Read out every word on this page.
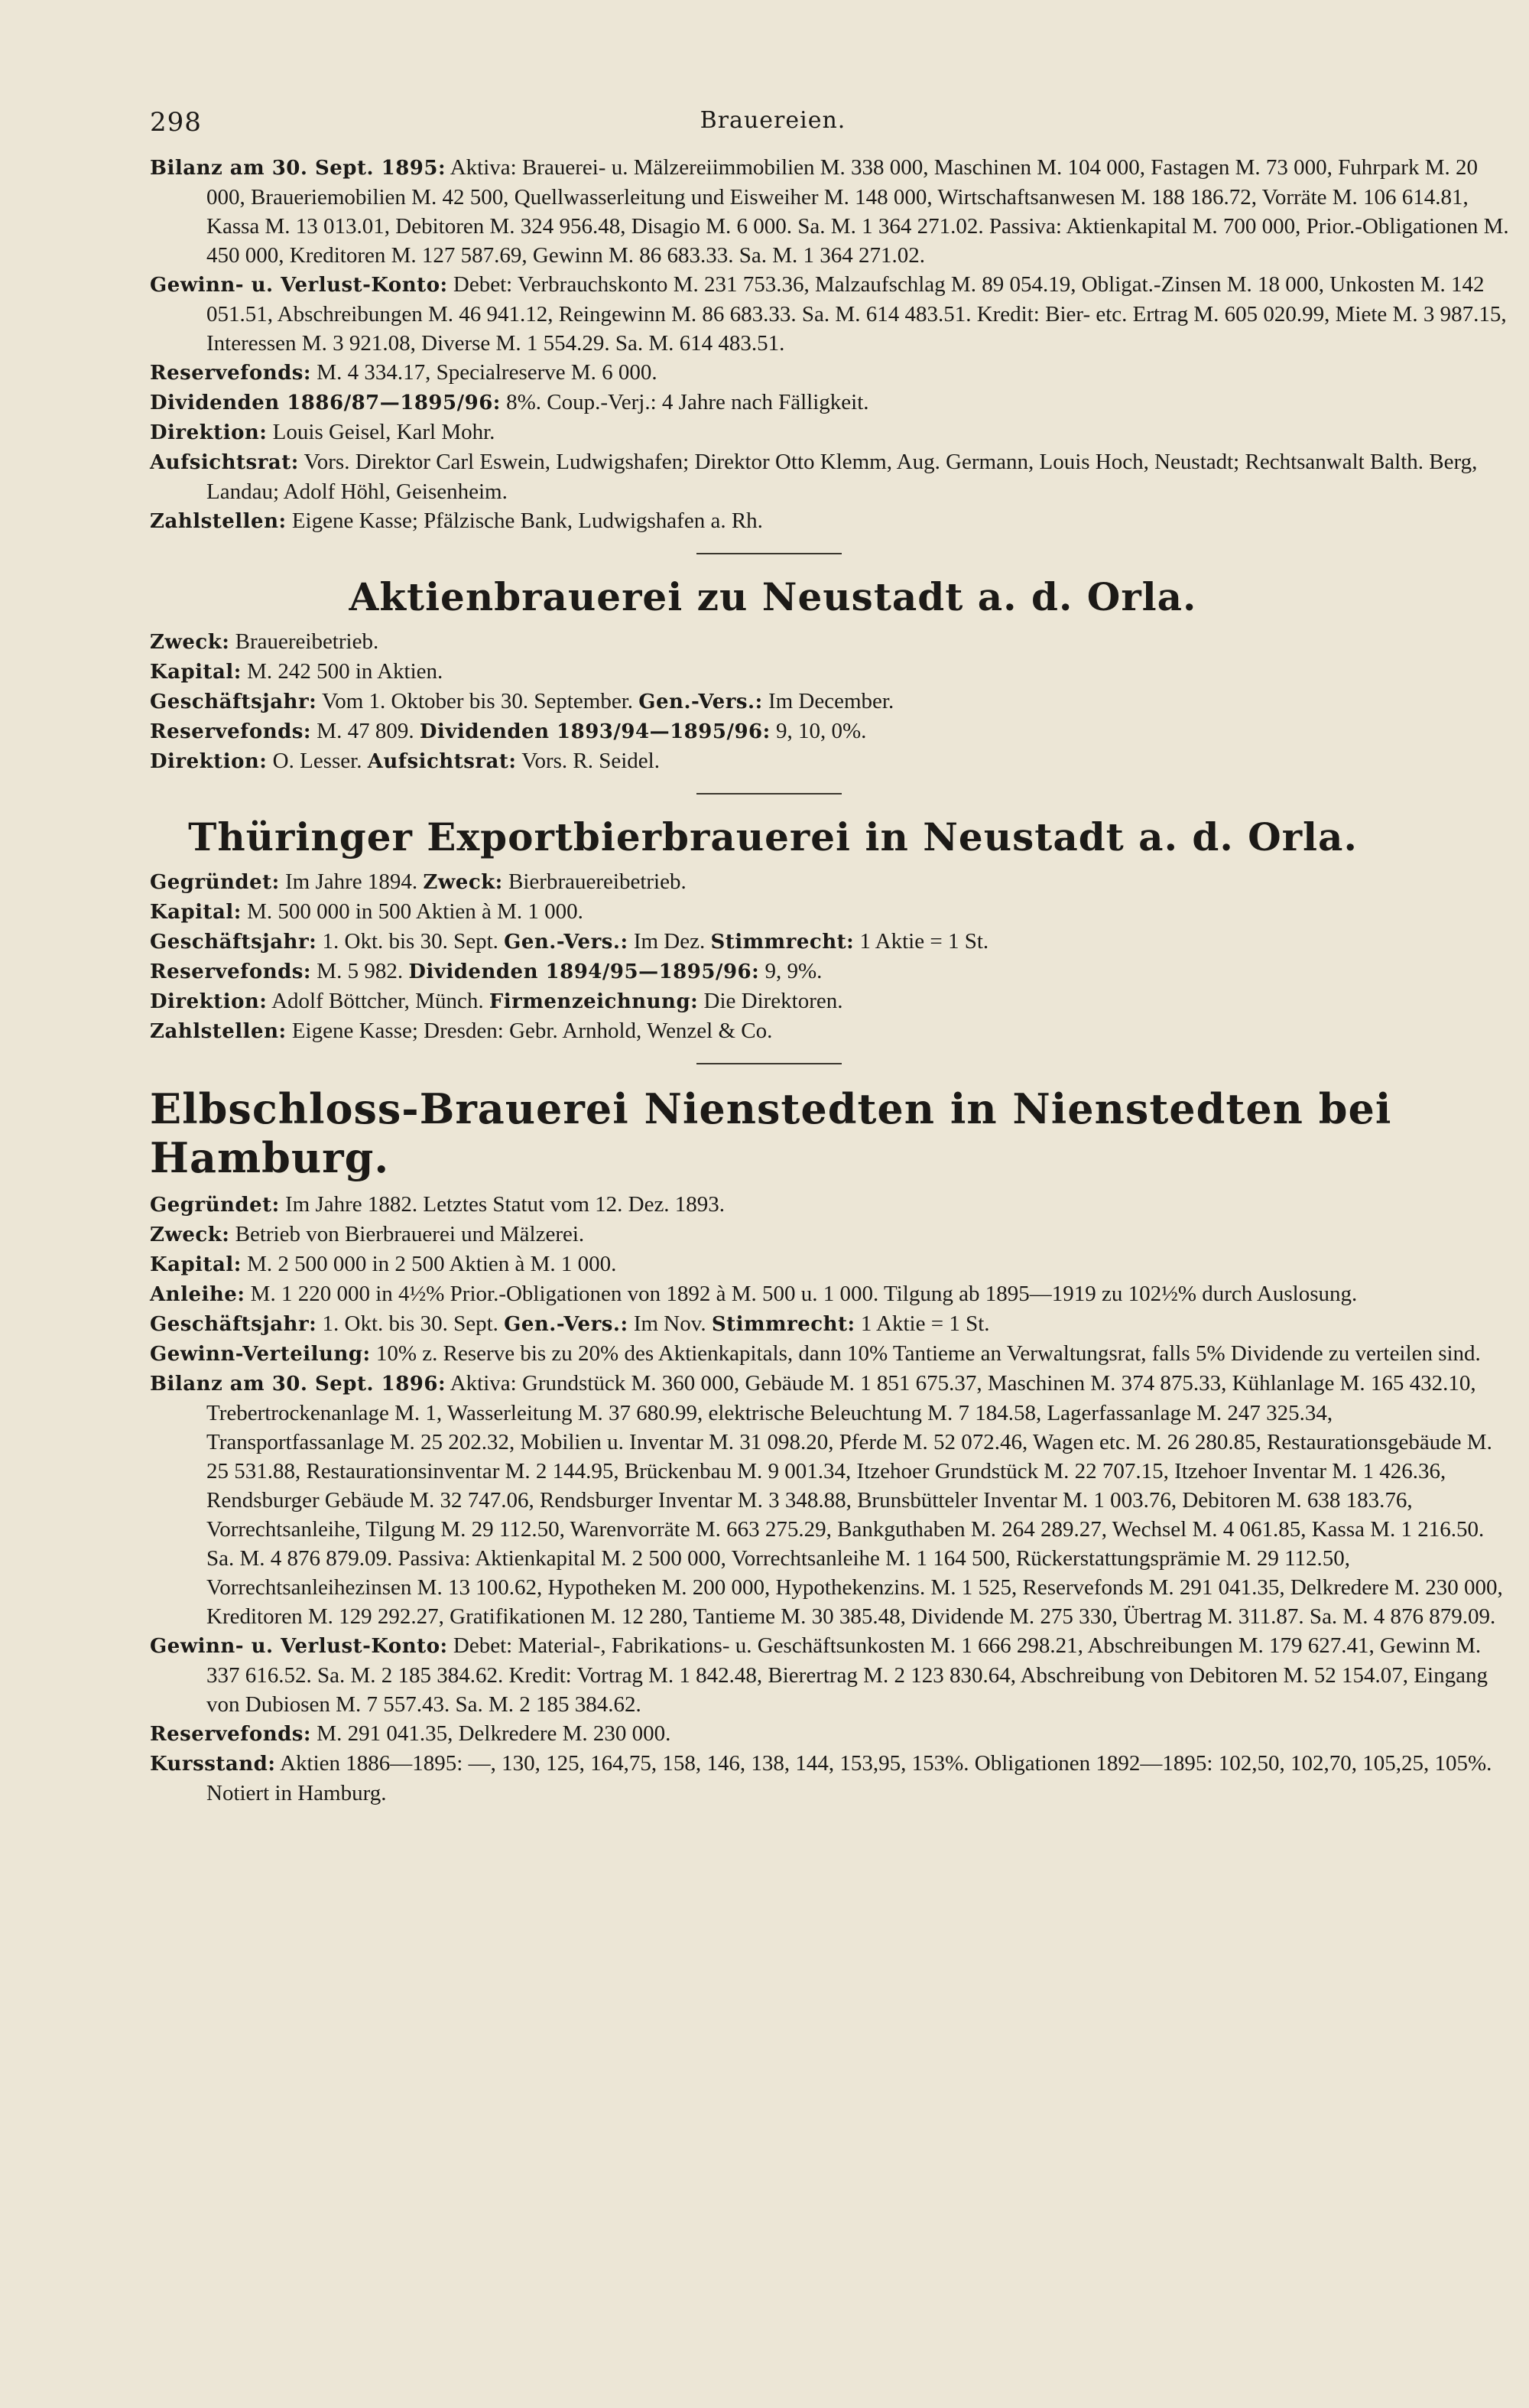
298	Brauereien.

Bilanz am 30. Sept. 1895: Aktiva: Brauerei- u. Mälzereiimmobilien M. 338 000, Maschinen M. 104 000, Fastagen M. 73 000, Fuhrpark M. 20 000, Braueriemobilien M. 42 500, Quellwasserleitung und Eisweiher M. 148 000, Wirtschaftsanwesen M. 188 186.72, Vorräte M. 106 614.81, Kassa M. 13 013.01, Debitoren M. 324 956.48, Disagio M. 6 000. Sa. M. 1 364 271.02. Passiva: Aktienkapital M. 700 000, Prior.-Obligationen M. 450 000, Kreditoren M. 127 587.69, Gewinn M. 86 683.33. Sa. M. 1 364 271.02.

Gewinn- u. Verlust-Konto: Debet: Verbrauchskonto M. 231 753.36, Malzaufschlag M. 89 054.19, Obligat.-Zinsen M. 18 000, Unkosten M. 142 051.51, Abschreibungen M. 46 941.12, Reingewinn M. 86 683.33. Sa. M. 614 483.51. Kredit: Bier- etc. Ertrag M. 605 020.99, Miete M. 3 987.15, Interessen M. 3 921.08, Diverse M. 1 554.29. Sa. M. 614 483.51.

Reservefonds: M. 4 334.17, Specialreserve M. 6 000.

Dividenden 1886/87—1895/96: 8%. Coup.-Verj.: 4 Jahre nach Fälligkeit.

Direktion: Louis Geisel, Karl Mohr.

Aufsichtsrat: Vors. Direktor Carl Eswein, Ludwigshafen; Direktor Otto Klemm, Aug. Germann, Louis Hoch, Neustadt; Rechtsanwalt Balth. Berg, Landau; Adolf Höhl, Geisenheim.

Zahlstellen: Eigene Kasse; Pfälzische Bank, Ludwigshafen a. Rh.

Aktienbrauerei zu Neustadt a. d. Orla.

Zweck: Brauereibetrieb.

Kapital: M. 242 500 in Aktien.

Geschäftsjahr: Vom 1. Oktober bis 30. September. Gen.-Vers.: Im December.

Reservefonds: M. 47 809. Dividenden 1893/94—1895/96: 9, 10, 0%.

Direktion: O. Lesser. Aufsichtsrat: Vors. R. Seidel.

Thüringer Exportbierbrauerei in Neustadt a. d. Orla.

Gegründet: Im Jahre 1894. Zweck: Bierbrauereibetrieb.

Kapital: M. 500 000 in 500 Aktien à M. 1 000.

Geschäftsjahr: 1. Okt. bis 30. Sept. Gen.-Vers.: Im Dez. Stimmrecht: 1 Aktie = 1 St.

Reservefonds: M. 5 982. Dividenden 1894/95—1895/96: 9, 9%.

Direktion: Adolf Böttcher, Münch. Firmenzeichnung: Die Direktoren.

Zahlstellen: Eigene Kasse; Dresden: Gebr. Arnhold, Wenzel & Co.

Elbschloss-Brauerei Nienstedten in Nienstedten bei Hamburg.

Gegründet: Im Jahre 1882. Letztes Statut vom 12. Dez. 1893.

Zweck: Betrieb von Bierbrauerei und Mälzerei.

Kapital: M. 2 500 000 in 2 500 Aktien à M. 1 000.

Anleihe: M. 1 220 000 in 4½% Prior.-Obligationen von 1892 à M. 500 u. 1 000. Tilgung ab 1895—1919 zu 102½% durch Auslosung.

Geschäftsjahr: 1. Okt. bis 30. Sept. Gen.-Vers.: Im Nov. Stimmrecht: 1 Aktie = 1 St.

Gewinn-Verteilung: 10% z. Reserve bis zu 20% des Aktienkapitals, dann 10% Tantieme an Verwaltungsrat, falls 5% Dividende zu verteilen sind.

Bilanz am 30. Sept. 1896: Aktiva: Grundstück M. 360 000, Gebäude M. 1 851 675.37, Maschinen M. 374 875.33, Kühlanlage M. 165 432.10, Trebertrockenanlage M. 1, Wasserleitung M. 37 680.99, elektrische Beleuchtung M. 7 184.58, Lagerfassanlage M. 247 325.34, Transportfassanlage M. 25 202.32, Mobilien u. Inventar M. 31 098.20, Pferde M. 52 072.46, Wagen etc. M. 26 280.85, Restaurationsgebäude M. 25 531.88, Restaurationsinventar M. 2 144.95, Brückenbau M. 9 001.34, Itzehoer Grundstück M. 22 707.15, Itzehoer Inventar M. 1 426.36, Rendsburger Gebäude M. 32 747.06, Rendsburger Inventar M. 3 348.88, Brunsbütteler Inventar M. 1 003.76, Debitoren M. 638 183.76, Vorrechtsanleihe, Tilgung M. 29 112.50, Warenvorräte M. 663 275.29, Bankguthaben M. 264 289.27, Wechsel M. 4 061.85, Kassa M. 1 216.50. Sa. M. 4 876 879.09. Passiva: Aktienkapital M. 2 500 000, Vorrechtsanleihe M. 1 164 500, Rückerstattungsprämie M. 29 112.50, Vorrechtsanleihezinsen M. 13 100.62, Hypotheken M. 200 000, Hypothekenzins. M. 1 525, Reservefonds M. 291 041.35, Delkredere M. 230 000, Kreditoren M. 129 292.27, Gratifikationen M. 12 280, Tantieme M. 30 385.48, Dividende M. 275 330, Übertrag M. 311.87. Sa. M. 4 876 879.09.

Gewinn- u. Verlust-Konto: Debet: Material-, Fabrikations- u. Geschäftsunkosten M. 1 666 298.21, Abschreibungen M. 179 627.41, Gewinn M. 337 616.52. Sa. M. 2 185 384.62. Kredit: Vortrag M. 1 842.48, Bierertrag M. 2 123 830.64, Abschreibung von Debitoren M. 52 154.07, Eingang von Dubiosen M. 7 557.43. Sa. M. 2 185 384.62.

Reservefonds: M. 291 041.35, Delkredere M. 230 000.

Kursstand: Aktien 1886—1895: —, 130, 125, 164,75, 158, 146, 138, 144, 153,95, 153%. Obligationen 1892—1895: 102,50, 102,70, 105,25, 105%. Notiert in Hamburg.
